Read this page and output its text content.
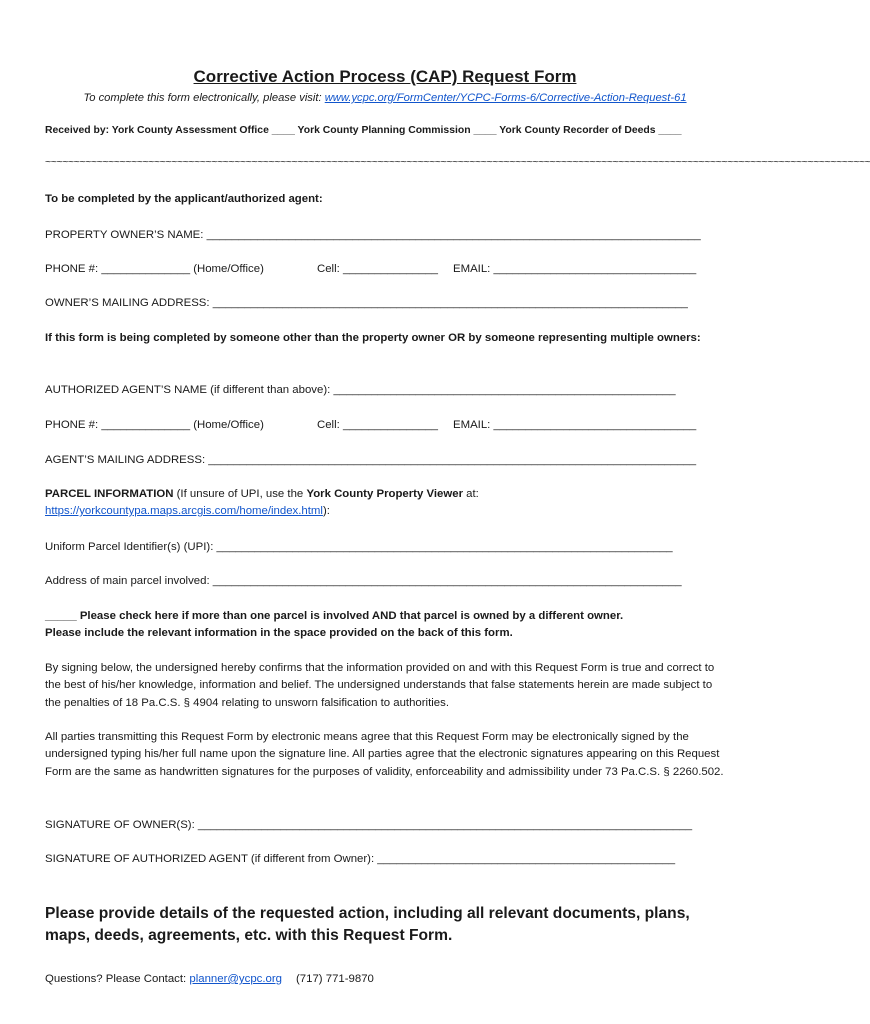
Corrective Action Process (CAP) Request Form
To complete this form electronically, please visit: www.ycpc.org/FormCenter/YCPC-Forms-6/Corrective-Action-Request-61
Received by: York County Assessment Office ____ York County Planning Commission ____ York County Recorder of Deeds ____
~~~~~~~~~~~~~~~~~~~~~~~~~~~~~~~~~~~~~~~~~~~~~~~~~~~~~~~~~~~~~~~~~~~~~~~~~~~~~~~~~~~~~~~~~~~~~~~~~~~~~~~~~~~~~~~~~~~~~~~~~~~~~~~~~~~~~~~~~~~~~~~~
To be completed by the applicant/authorized agent:
PROPERTY OWNER’S NAME: ______________________________________________________________________________
PHONE #: ______________ (Home/Office)	Cell: _______________ EMAIL: ________________________________
OWNER’S MAILING ADDRESS: ___________________________________________________________________________
If this form is being completed by someone other than the property owner OR by someone representing multiple owners:
AUTHORIZED AGENT’S NAME (if different than above): ______________________________________________________
PHONE #: ______________ (Home/Office)	Cell: _______________ EMAIL: ________________________________
AGENT’S MAILING ADDRESS: _____________________________________________________________________________
PARCEL INFORMATION (If unsure of UPI, use the York County Property Viewer at:
https://yorkcountypa.maps.arcgis.com/home/index.html):
Uniform Parcel Identifier(s) (UPI): ________________________________________________________________________
Address of main parcel involved: __________________________________________________________________________
_____ Please check here if more than one parcel is involved AND that parcel is owned by a different owner.
Please include the relevant information in the space provided on the back of this form.
By signing below, the undersigned hereby confirms that the information provided on and with this Request Form is true and correct to the best of his/her knowledge, information and belief. The undersigned understands that false statements herein are made subject to the penalties of 18 Pa.C.S. § 4904 relating to unsworn falsification to authorities.
All parties transmitting this Request Form by electronic means agree that this Request Form may be electronically signed by the undersigned typing his/her full name upon the signature line. All parties agree that the electronic signatures appearing on this Request Form are the same as handwritten signatures for the purposes of validity, enforceability and admissibility under 73 Pa.C.S. § 2260.502.
SIGNATURE OF OWNER(S): ______________________________________________________________________________
SIGNATURE OF AUTHORIZED AGENT (if different from Owner): _______________________________________________
Please provide details of the requested action, including all relevant documents, plans, maps, deeds, agreements, etc. with this Request Form.
Questions? Please Contact: planner@ycpc.org (717) 771-9870
